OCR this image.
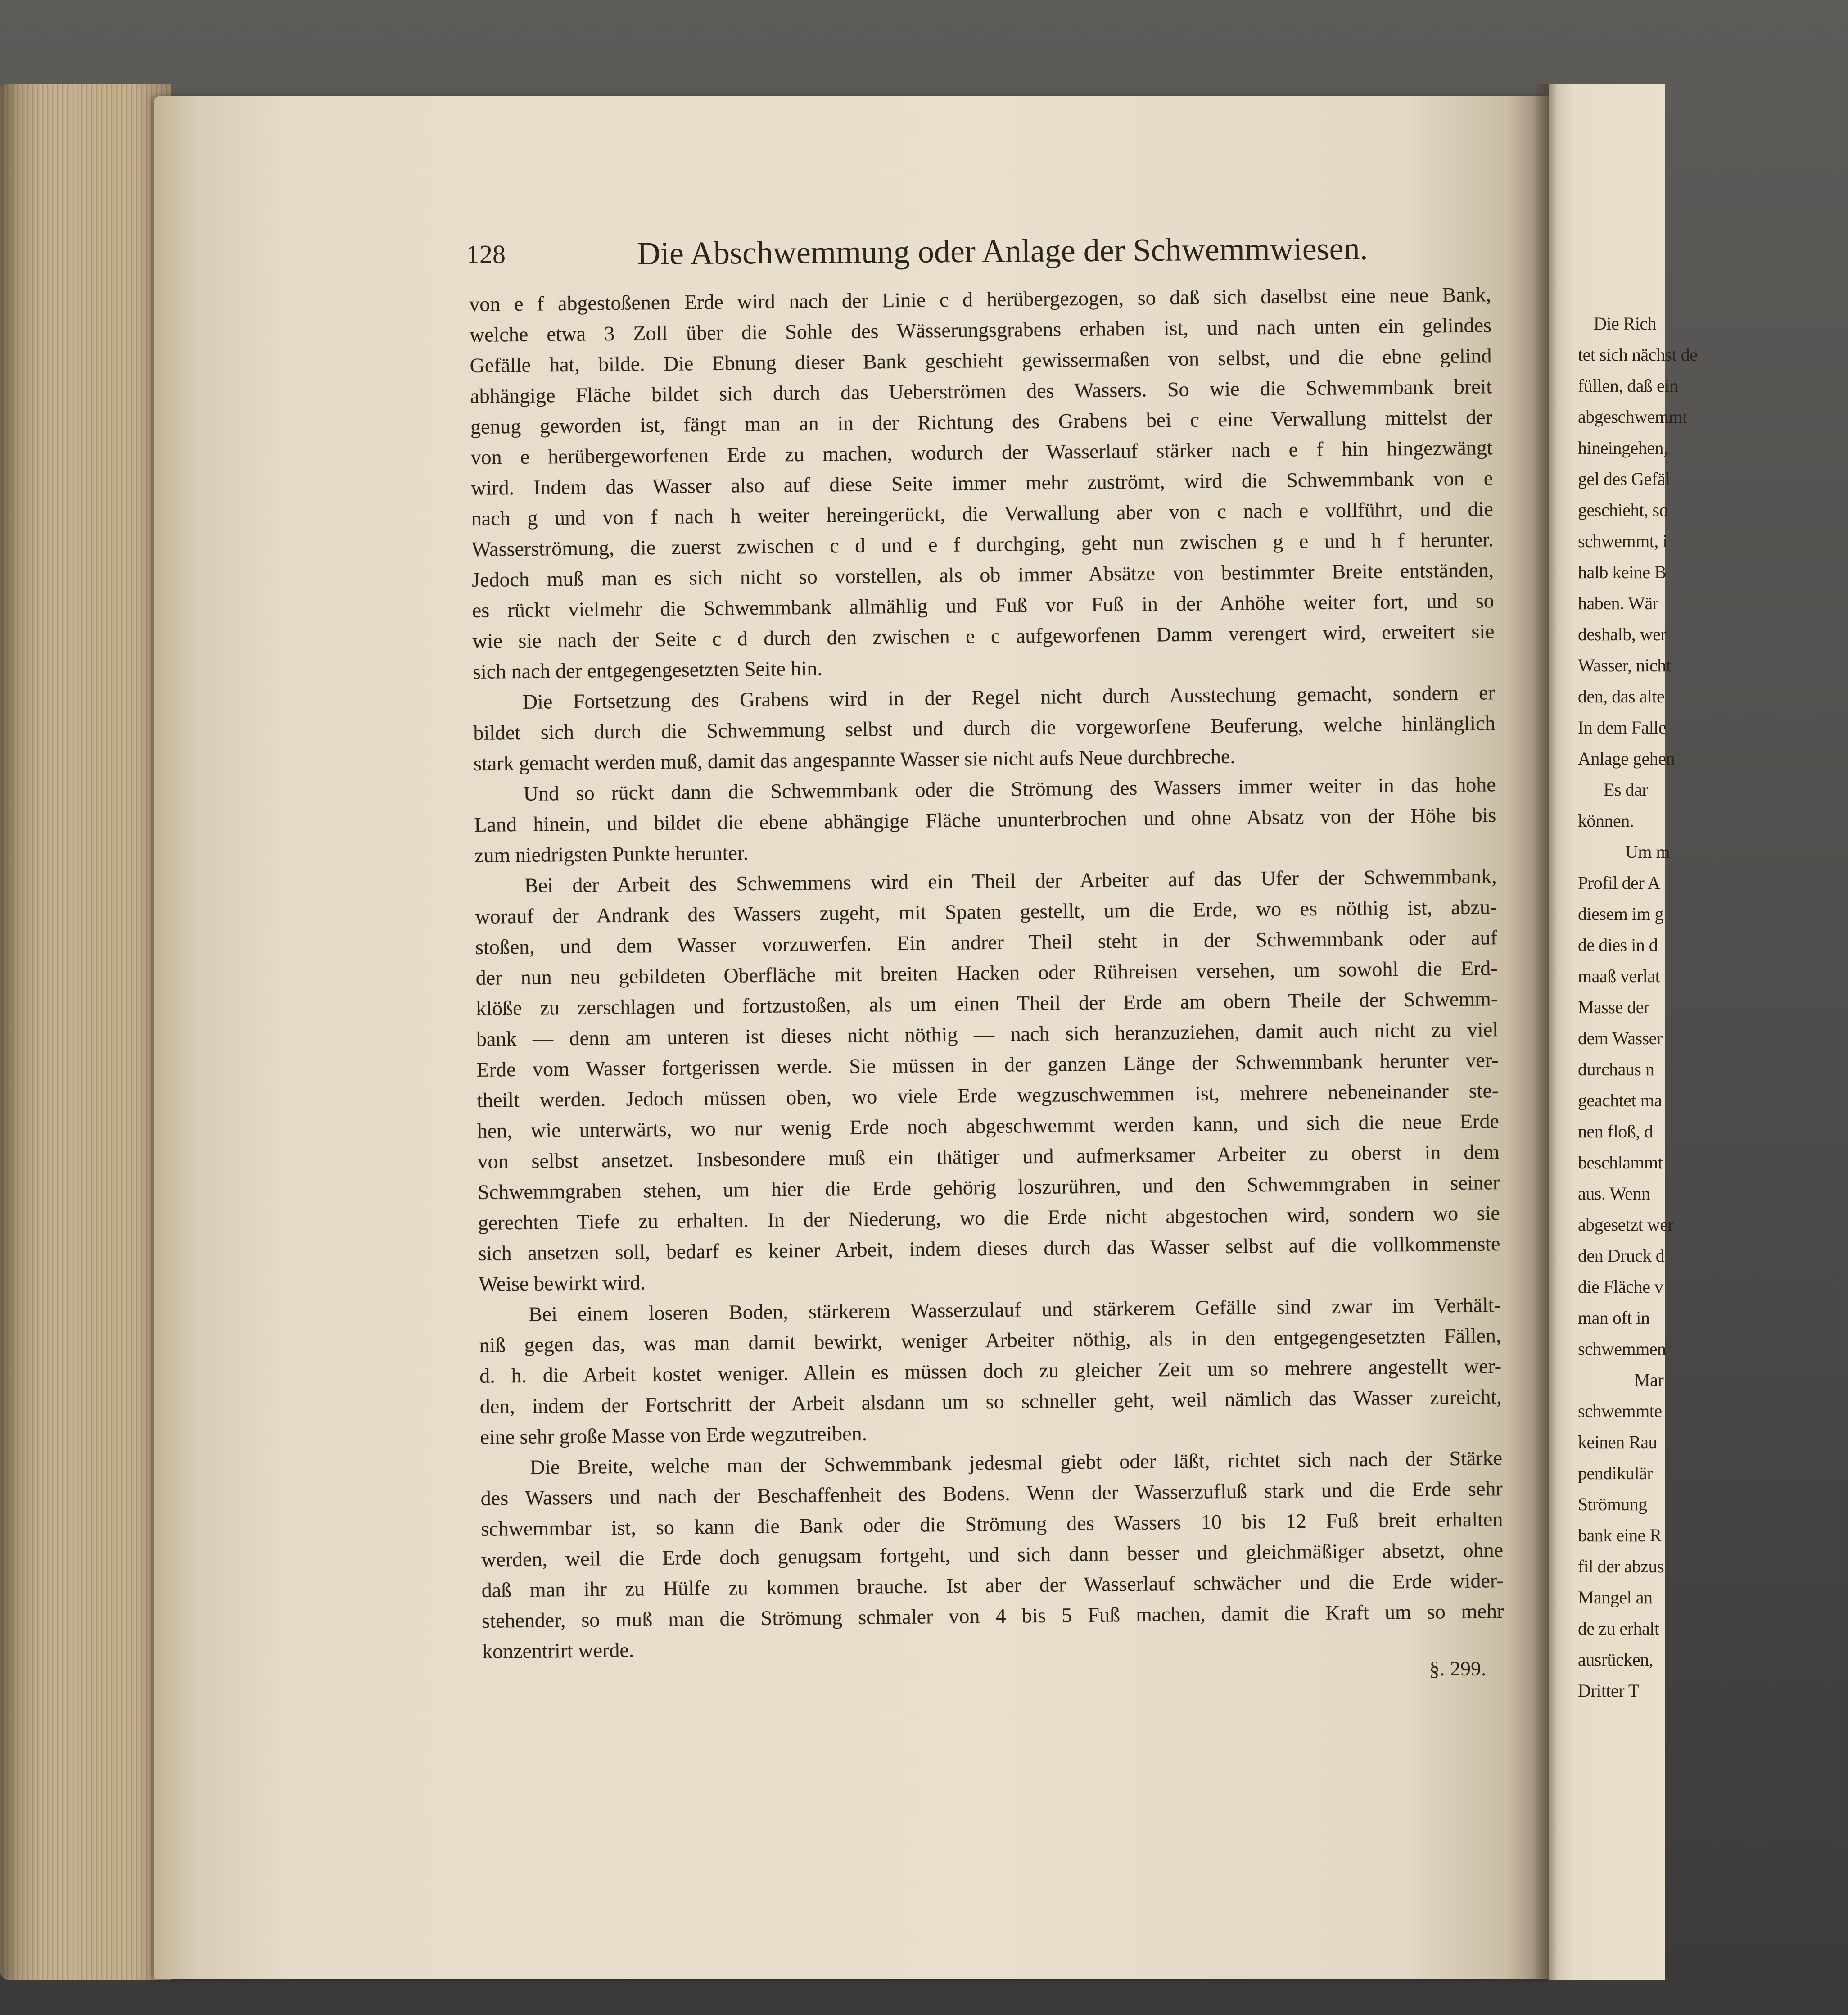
Die Rich
tet sich nächst de
füllen, daß ein
abgeschwemmt
hineingehen,
gel des Gefäl
geschieht, so
schwemmt, i
halb keine B
haben. Wär
deshalb, wer
Wasser, nicht
den, das alte
In dem Falle
Anlage gehen
Es dar
können.
Um m
Profil der A
diesem im g
de dies in d
maaß verlat
Masse der
dem Wasser
durchaus n
geachtet ma
nen floß, d
beschlammt
aus. Wenn
abgesetzt wer
den Druck d
die Fläche v
man oft in
schwemmen
Mar
schwemmte
keinen Rau
pendikulär
Strömung
bank eine R
fil der abzus
Mangel an
de zu erhalt
ausrücken,
Dritter T
128	Die Abschwemmung oder Anlage der Schwemmwiesen.
von e f abgestoßenen Erde wird nach der Linie c d herübergezogen, so daß sich daselbst eine neue Bank,
welche etwa 3 Zoll über die Sohle des Wässerungsgrabens erhaben ist, und nach unten ein gelindes
Gefälle hat, bilde. Die Ebnung dieser Bank geschieht gewissermaßen von selbst, und die ebne gelind
abhängige Fläche bildet sich durch das Ueberströmen des Wassers. So wie die Schwemmbank breit
genug geworden ist, fängt man an in der Richtung des Grabens bei c eine Verwallung mittelst der
von e herübergeworfenen Erde zu machen, wodurch der Wasserlauf stärker nach e f hin hingezwängt
wird. Indem das Wasser also auf diese Seite immer mehr zuströmt, wird die Schwemmbank von e
nach g und von f nach h weiter hereingerückt, die Verwallung aber von c nach e vollführt, und die
Wasserströmung, die zuerst zwischen c d und e f durchging, geht nun zwischen g e und h f herunter.
Jedoch muß man es sich nicht so vorstellen, als ob immer Absätze von bestimmter Breite entständen,
es rückt vielmehr die Schwemmbank allmählig und Fuß vor Fuß in der Anhöhe weiter fort, und so
wie sie nach der Seite c d durch den zwischen e c aufgeworfenen Damm verengert wird, erweitert sie
sich nach der entgegengesetzten Seite hin.
Die Fortsetzung des Grabens wird in der Regel nicht durch Ausstechung gemacht, sondern er
bildet sich durch die Schwemmung selbst und durch die vorgeworfene Beuferung, welche hinlänglich
stark gemacht werden muß, damit das angespannte Wasser sie nicht aufs Neue durchbreche.
Und so rückt dann die Schwemmbank oder die Strömung des Wassers immer weiter in das hohe
Land hinein, und bildet die ebene abhängige Fläche ununterbrochen und ohne Absatz von der Höhe bis
zum niedrigsten Punkte herunter.
Bei der Arbeit des Schwemmens wird ein Theil der Arbeiter auf das Ufer der Schwemmbank,
worauf der Andrank des Wassers zugeht, mit Spaten gestellt, um die Erde, wo es nöthig ist, abzu-
stoßen, und dem Wasser vorzuwerfen. Ein andrer Theil steht in der Schwemmbank oder auf
der nun neu gebildeten Oberfläche mit breiten Hacken oder Rühreisen versehen, um sowohl die Erd-
klöße zu zerschlagen und fortzustoßen, als um einen Theil der Erde am obern Theile der Schwemm-
bank — denn am unteren ist dieses nicht nöthig — nach sich heranzuziehen, damit auch nicht zu viel
Erde vom Wasser fortgerissen werde. Sie müssen in der ganzen Länge der Schwemmbank herunter ver-
theilt werden. Jedoch müssen oben, wo viele Erde wegzuschwemmen ist, mehrere nebeneinander ste-
hen, wie unterwärts, wo nur wenig Erde noch abgeschwemmt werden kann, und sich die neue Erde
von selbst ansetzet. Insbesondere muß ein thätiger und aufmerksamer Arbeiter zu oberst in dem
Schwemmgraben stehen, um hier die Erde gehörig loszurühren, und den Schwemmgraben in seiner
gerechten Tiefe zu erhalten. In der Niederung, wo die Erde nicht abgestochen wird, sondern wo sie
sich ansetzen soll, bedarf es keiner Arbeit, indem dieses durch das Wasser selbst auf die vollkommenste
Weise bewirkt wird.
Bei einem loseren Boden, stärkerem Wasserzulauf und stärkerem Gefälle sind zwar im Verhält-
niß gegen das, was man damit bewirkt, weniger Arbeiter nöthig, als in den entgegengesetzten Fällen,
d. h. die Arbeit kostet weniger. Allein es müssen doch zu gleicher Zeit um so mehrere angestellt wer-
den, indem der Fortschritt der Arbeit alsdann um so schneller geht, weil nämlich das Wasser zureicht,
eine sehr große Masse von Erde wegzutreiben.
Die Breite, welche man der Schwemmbank jedesmal giebt oder läßt, richtet sich nach der Stärke
des Wassers und nach der Beschaffenheit des Bodens. Wenn der Wasserzufluß stark und die Erde sehr
schwemmbar ist, so kann die Bank oder die Strömung des Wassers 10 bis 12 Fuß breit erhalten
werden, weil die Erde doch genugsam fortgeht, und sich dann besser und gleichmäßiger absetzt, ohne
daß man ihr zu Hülfe zu kommen brauche. Ist aber der Wasserlauf schwächer und die Erde wider-
stehender, so muß man die Strömung schmaler von 4 bis 5 Fuß machen, damit die Kraft um so mehr
konzentrirt werde.
§. 299.
